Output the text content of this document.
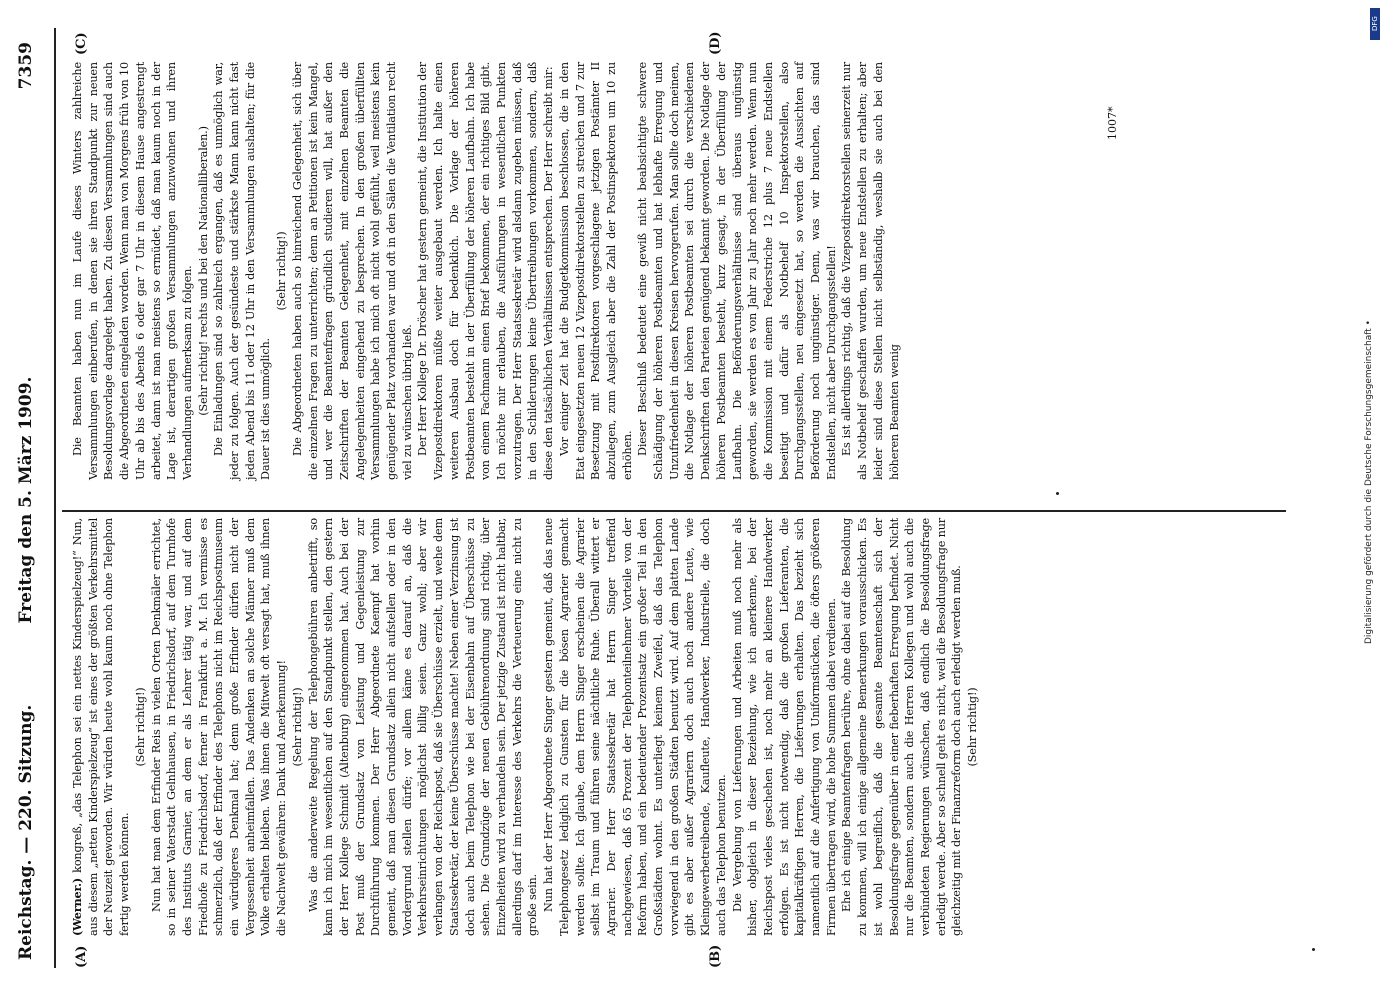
Reichstag. — 220. Sitzung.
Freitag den 5. März 1909.
7359
(A)	(B)
(C)	(D)

(Werner.) kongreß, „das Telephon sei ein nettes Kinderspielzeug!“ Nun, aus diesem „netten Kinderspielzeug“ ist eines der größten Verkehrsmittel der Neuzeit geworden. Wir würden heute wohl kaum noch ohne Telephon fertig werden können.

(Sehr richtig!) Nun hat man dem Erfinder Reis in vielen Orten Denkmäler errichtet, so in seiner Vaterstadt Gelnhausen, in Friedrichsdorf, auf dem Turnhofe des Instituts Garnier, an dem er als Lehrer tätig war, und auf dem Friedhofe zu Friedrichsdorf, ferner in Frankfurt a. M. Ich vermisse es schmerzlich, daß der Erfinder des Telephons nicht im Reichspostmuseum ein würdigeres Denkmal hat; denn große Erfinder dürfen nicht der Vergessenheit anheimfallen. Das Andenken an solche Männer muß dem Volke erhalten bleiben. Was ihnen die Mitwelt oft versagt hat, muß ihnen die Nachwelt gewähren: Dank und Anerkennung! (Sehr richtig!) Was die anderweite Regelung der Telephongebühren anbetrifft, so kann ich mich im wesentlichen auf den Standpunkt stellen, den gestern der Herr Kollege Schmidt (Altenburg) eingenommen hat. Auch bei der Post muß der Grundsatz von Leistung und Gegenleistung zur Durchführung kommen. Der Herr Abgeordnete Kaempf hat vorhin gemeint, daß man diesen Grundsatz allein nicht aufstellen oder in den Vordergrund stellen dürfe; vor allem käme es darauf an, daß die Verkehrseinrichtungen möglichst billig seien. Ganz wohl; aber wir verlangen von der Reichspost, daß sie Überschüsse erzielt, und wehe dem Staatssekretär, der keine Überschüsse machte! Neben einer Verzinsung ist doch auch beim Telephon wie bei der Eisenbahn auf Überschüsse zu sehen. Die Grundzüge der neuen Gebührenordnung sind richtig, über Einzelheiten wird zu verhandeln sein. Der jetzige Zustand ist nicht haltbar, allerdings darf im Interesse des Verkehrs die Verteuerung eine nicht zu große sein. Nun hat der Herr Abgeordnete Singer gestern gemeint, daß das neue Telephongesetz lediglich zu Gunsten für die bösen Agrarier gemacht werden sollte. Ich glaube, dem Herrn Singer erscheinen die Agrarier selbst im Traum und führen seine nächtliche Ruhe. Überall wittert er Agrarier. Der Herr Staatssekretär hat Herrn Singer treffend nachgewiesen, daß 65 Prozent der Telephonteilnehmer Vorteile von der Reform haben, und ein bedeutender Prozentsatz ein großer Teil in den Großstädten wohnt. Es unterliegt keinem Zweifel, daß das Telephon vorwiegend in den großen Städten benutzt wird. Auf dem platten Lande gibt es aber außer Agrariern doch auch noch andere Leute, wie Kleingewerbetreibende, Kaufleute, Handwerker, Industrielle, die doch auch das Telephon benutzen. Die Vergebung von Lieferungen und Arbeiten muß noch mehr als bisher, obgleich in dieser Beziehung, wie ich anerkenne, bei der Reichspost vieles geschehen ist, noch mehr an kleinere Handwerker erfolgen. Es ist nicht notwendig, daß die großen Lieferanten, die kapitalkräftigen Herren, die Lieferungen erhalten. Das bezieht sich namentlich auf die Anfertigung von Uniformstücken, die öfters größeren Firmen übertragen wird, die hohe Summen dabei verdienen. Ehe ich einige Beamtenfragen berühre, ohne dabei auf die Besoldung zu kommen, will ich einige allgemeine Bemerkungen vorausschicken. Es ist wohl begreiflich, daß die gesamte Beamtenschaft sich der Besoldungsfrage gegenüber in einer fieberhaften Erregung befindet. Nicht nur die Beamten, sondern auch die Herren Kollegen und wohl auch die verbündeten Regierungen wünschen, daß endlich die Besoldungsfrage erledigt werde. Aber so schnell geht es nicht, weil die Besoldungsfrage nur gleichzeitig mit der Finanzreform doch auch erledigt werden muß. (Sehr richtig!)

Die Beamten haben nun im Laufe dieses Winters zahlreiche Versammlungen einberufen, in denen sie ihren Standpunkt zur neuen Besoldungsvorlage dargelegt haben. Zu diesen Versammlungen sind auch die Abgeordneten eingeladen worden. Wenn man von Morgens früh von 10 Uhr ab bis des Abends 6 oder gar 7 Uhr in diesem Hause angestrengt arbeitet, dann ist man meistens so ermüdet, daß man kaum noch in der Lage ist, derartigen großen Versammlungen anzuwohnen und ihren Verhandlungen aufmerksam zu folgen. (Sehr richtig! rechts und bei den Nationalliberalen.) Die Einladungen sind so zahlreich ergangen, daß es unmöglich war, jeder zu folgen. Auch der gesündeste und stärkste Mann kann nicht fast jeden Abend bis 11 oder 12 Uhr in den Versammlungen aushalten; für die Dauer ist dies unmöglich.

(Sehr richtig!) Die Abgeordneten haben auch so hinreichend Gelegenheit, sich über die einzelnen Fragen zu unterrichten; denn an Petitionen ist kein Mangel, und wer die Beamtenfragen gründlich studieren will, hat außer den Zeitschriften der Beamten Gelegenheit, mit einzelnen Beamten die Angelegenheiten eingehend zu besprechen. In den großen überfüllten Versammlungen habe ich mich oft nicht wohl gefühlt, weil meistens kein genügender Platz vorhanden war und oft in den Sälen die Ventilation recht viel zu wünschen übrig ließ. Der Herr Kollege Dr. Dröscher hat gestern gemeint, die Institution der Vizepostdirektoren müßte weiter ausgebaut werden. Ich halte einen weiteren Ausbau doch für bedenklich. Die Vorlage der höheren Postbeamten besteht in der Überfüllung der höheren Laufbahn. Ich habe von einem Fachmann einen Brief bekommen, der ein richtiges Bild gibt. Ich möchte mir erlauben, die Ausführungen in wesentlichen Punkten vorzutragen. Der Herr Staatssekretär wird alsdann zugeben müssen, daß in den Schilderungen keine Übertreibungen vorkommen, sondern, daß diese den tatsächlichen Verhältnissen entsprechen. Der Herr schreibt mir: Vor einiger Zeit hat die Budgetkommission beschlossen, die in den Etat eingesetzten neuen 12 Vizepostdirektorstellen zu streichen und 7 zur Besetzung mit Postdirektoren vorgeschlagene jetzigen Postämter II abzulegen, zum Ausgleich aber die Zahl der Postinspektoren um 10 zu erhöhen. Dieser Beschluß bedeutet eine gewiß nicht beabsichtigte schwere Schädigung der höheren Postbeamten und hat lebhafte Erregung und Unzufriedenheit in diesen Kreisen hervorgerufen. Man sollte doch meinen, die Notlage der höheren Postbeamten sei durch die verschiedenen Denkschriften den Parteien genügend bekannt geworden. Die Notlage der höheren Postbeamten besteht, kurz gesagt, in der Überfüllung der Laufbahn. Die Beförderungsverhältnisse sind überaus ungünstig geworden, sie werden es von Jahr zu Jahr noch mehr werden. Wenn nun die Kommission mit einem Federstriche 12 plus 7 neue Endstellen beseitigt und dafür als Notbehelf 10 Inspektorstellen, also Durchgangsstellen, neu eingesetzt hat, so werden die Aussichten auf Beförderung noch ungünstiger. Denn, was wir brauchen, das sind Endstellen, nicht aber Durchgangsstellen! Es ist allerdings richtig, daß die Vizepostdirektorstellen seinerzeit nur als Notbehelf geschaffen wurden, um neue Endstellen zu erhalten; aber leider sind diese Stellen nicht selbständig, weshalb sie auch bei den höheren Beamten wenig

1007*
DFG
Digitalisierung gefördert durch die Deutsche Forschungsgemeinschaft •
